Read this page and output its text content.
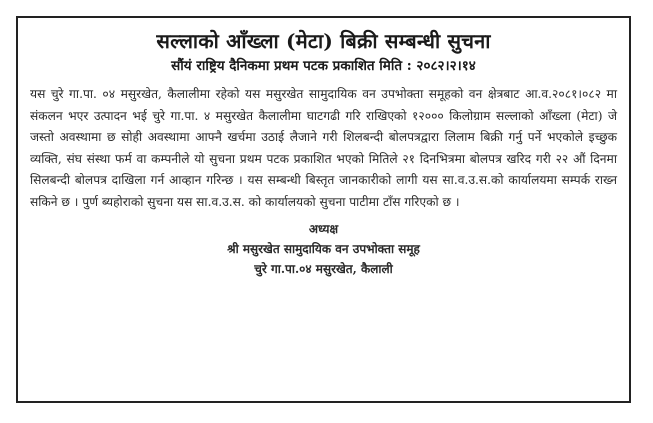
सल्लाको आँख्ला (मेटा) बिक्री सम्बन्धी सुचना
सौंयं राष्ट्रिय दैनिकमा प्रथम पटक प्रकाशित मिति : २०८२।२।१४

यस चुरे गा.पा. ०४ मसुरखेत, कैलालीमा रहेको यस मसुरखेत सामुदायिक वन उपभोक्ता समूहको वन क्षेत्रबाट आ.व.२०८१।०८२ मा संकलन भएर उत्पादन भई चुरे गा.पा. ४ मसुरखेत कैलालीमा घाटगढी गरि राखिएको १२००० किलोग्राम सल्लाको आँख्ला (मेटा) जे जस्तो अवस्थामा छ सोही अवस्थामा आफ्नै खर्चमा उठाई लैजाने गरी शिलबन्दी बोलपत्रद्वारा लिलाम बिक्री गर्नु पर्ने भएकोले इच्छुक व्यक्ति, संघ संस्था फर्म वा कम्पनीले यो सुचना प्रथम पटक प्रकाशित भएको मितिले २१ दिनभित्रमा बोलपत्र खरिद गरी २२ औं दिनमा सिलबन्दी बोलपत्र दाखिला गर्न आव्हान गरिन्छ । यस सम्बन्धी बिस्तृत जानकारीको लागी यस सा.व.उ.स.को कार्यालयमा सम्पर्क राख्न सकिने छ । पुर्ण ब्यहोराको सुचना यस सा.व.उ.स. को कार्यालयको सुचना पाटीमा टाँस गरिएको छ ।

अध्यक्ष
श्री मसुरखेत सामुदायिक वन उपभोक्ता समूह
चुरे गा.पा.०४ मसुरखेत, कैलाली
